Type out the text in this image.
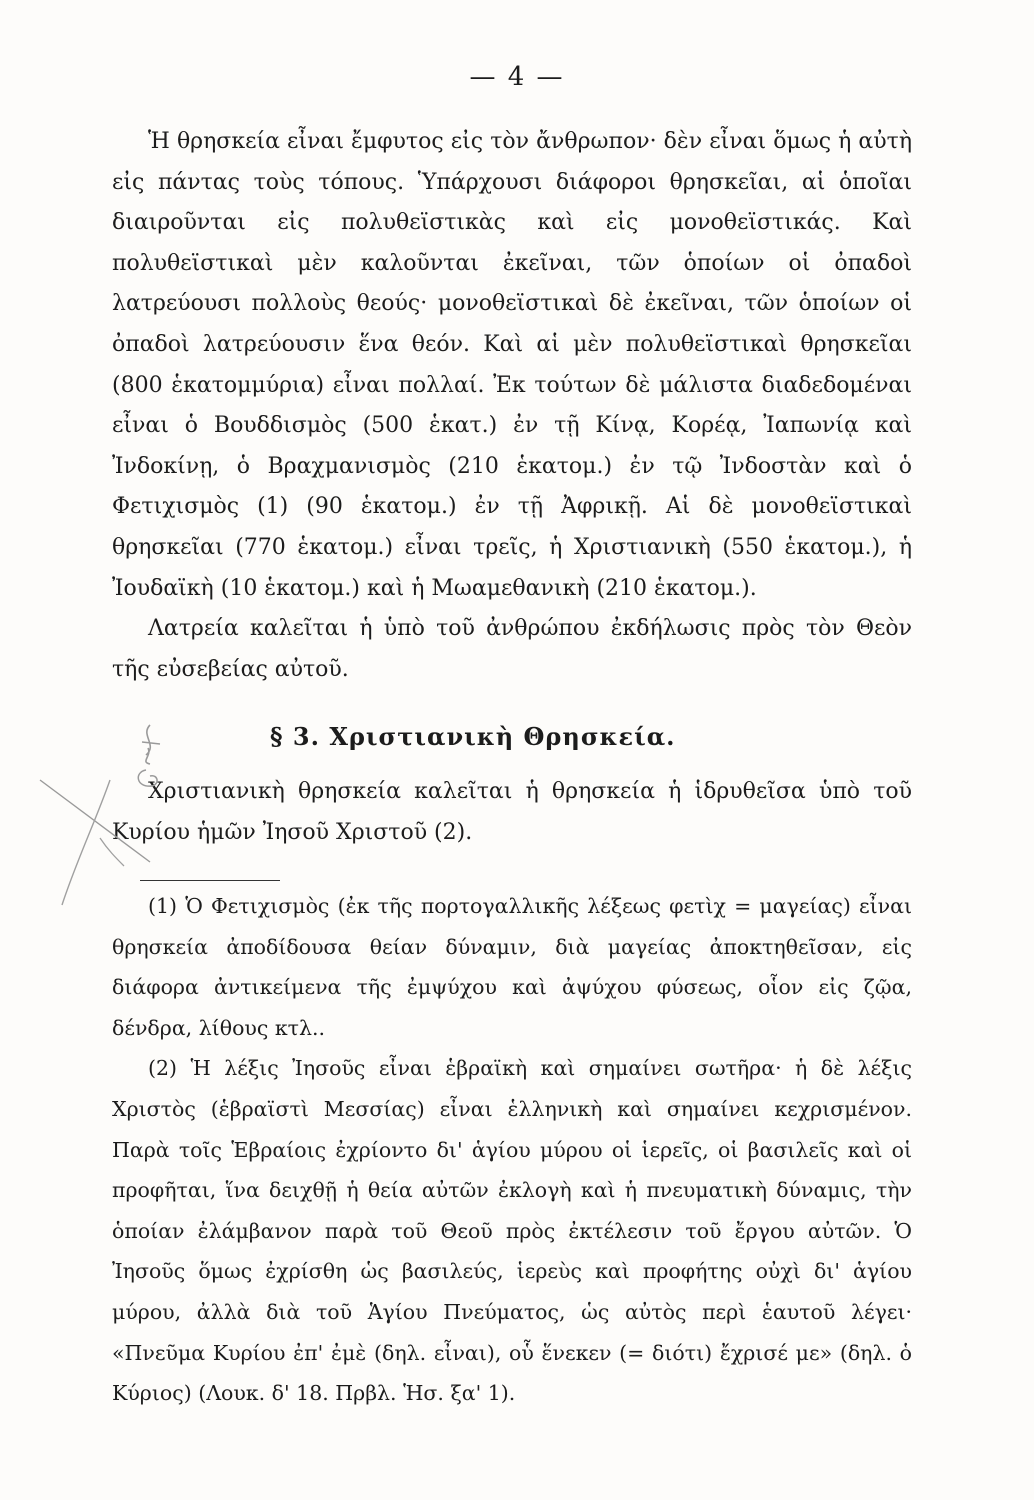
— 4 —

Ἡ θρησκεία εἶναι ἔμφυτος εἰς τὸν ἄνθρωπον· δὲν εἶναι ὅμως ἡ αὐτὴ εἰς πάντας τοὺς τόπους. Ὑπάρχουσι διάφοροι θρησκεῖαι, αἱ ὁποῖαι διαιροῦνται εἰς πολυθεϊστικὰς καὶ εἰς μονοθεϊστικάς. Καὶ πολυθεϊστικαὶ μὲν καλοῦνται ἐκεῖναι, τῶν ὁποίων οἱ ὀπαδοὶ λατρεύουσι πολλοὺς θεούς· μονοθεϊστικαὶ δὲ ἐκεῖναι, τῶν ὁποίων οἱ ὀπαδοὶ λατρεύουσιν ἕνα θεόν. Καὶ αἱ μὲν πολυθεϊστικαὶ θρησκεῖαι (800 ἑκατομμύρια) εἶναι πολλαί. Ἐκ τούτων δὲ μάλιστα διαδεδομέναι εἶναι ὁ Βουδδισμὸς (500 ἑκατ.) ἐν τῇ Κίνᾳ, Κορέᾳ, Ἰαπωνίᾳ καὶ Ἰνδοκίνῃ, ὁ Βραχμανισμὸς (210 ἑκατομ.) ἐν τῷ Ἰνδοστὰν καὶ ὁ Φετιχισμὸς (1) (90 ἑκατομ.) ἐν τῇ Ἀφρικῇ. Αἱ δὲ μονοθεϊστικαὶ θρησκεῖαι (770 ἑκατομ.) εἶναι τρεῖς, ἡ Χριστιανικὴ (550 ἑκατομ.), ἡ Ἰουδαϊκὴ (10 ἑκατομ.) καὶ ἡ Μωαμεθανικὴ (210 ἑκατομ.).

Λατρεία καλεῖται ἡ ὑπὸ τοῦ ἀνθρώπου ἐκδήλωσις πρὸς τὸν Θεὸν τῆς εὐσεβείας αὐτοῦ.

§ 3. Χριστιανικὴ Θρησκεία.

Χριστιανικὴ θρησκεία καλεῖται ἡ θρησκεία ἡ ἱδρυθεῖσα ὑπὸ τοῦ Κυρίου ἡμῶν Ἰησοῦ Χριστοῦ (2).

(1) Ὁ Φετιχισμὸς (ἐκ τῆς πορτογαλλικῆς λέξεως φετὶχ = μαγείας) εἶναι θρησκεία ἀποδίδουσα θείαν δύναμιν, διὰ μαγείας ἀποκτηθεῖσαν, εἰς διάφορα ἀντικείμενα τῆς ἐμψύχου καὶ ἀψύχου φύσεως, οἷον εἰς ζῷα, δένδρα, λίθους κτλ..

(2) Ἡ λέξις Ἰησοῦς εἶναι ἑβραϊκὴ καὶ σημαίνει σωτῆρα· ἡ δὲ λέξις Χριστὸς (ἑβραϊστὶ Μεσσίας) εἶναι ἑλληνικὴ καὶ σημαίνει κεχρισμένον. Παρὰ τοῖς Ἑβραίοις ἐχρίοντο δι' ἁγίου μύρου οἱ ἱερεῖς, οἱ βασιλεῖς καὶ οἱ προφῆται, ἵνα δειχθῇ ἡ θεία αὐτῶν ἐκλογὴ καὶ ἡ πνευματικὴ δύναμις, τὴν ὁποίαν ἐλάμβανον παρὰ τοῦ Θεοῦ πρὸς ἐκτέλεσιν τοῦ ἔργου αὐτῶν. Ὁ Ἰησοῦς ὅμως ἐχρίσθη ὡς βασιλεύς, ἱερεὺς καὶ προφήτης οὐχὶ δι' ἁγίου μύρου, ἀλλὰ διὰ τοῦ Ἁγίου Πνεύματος, ὡς αὐτὸς περὶ ἑαυτοῦ λέγει· «Πνεῦμα Κυρίου ἐπ' ἐμὲ (δηλ. εἶναι), οὗ ἕνεκεν (= διότι) ἔχρισέ με» (δηλ. ὁ Κύριος) (Λουκ. δ' 18. Πρβλ. Ἡσ. ξα' 1).
